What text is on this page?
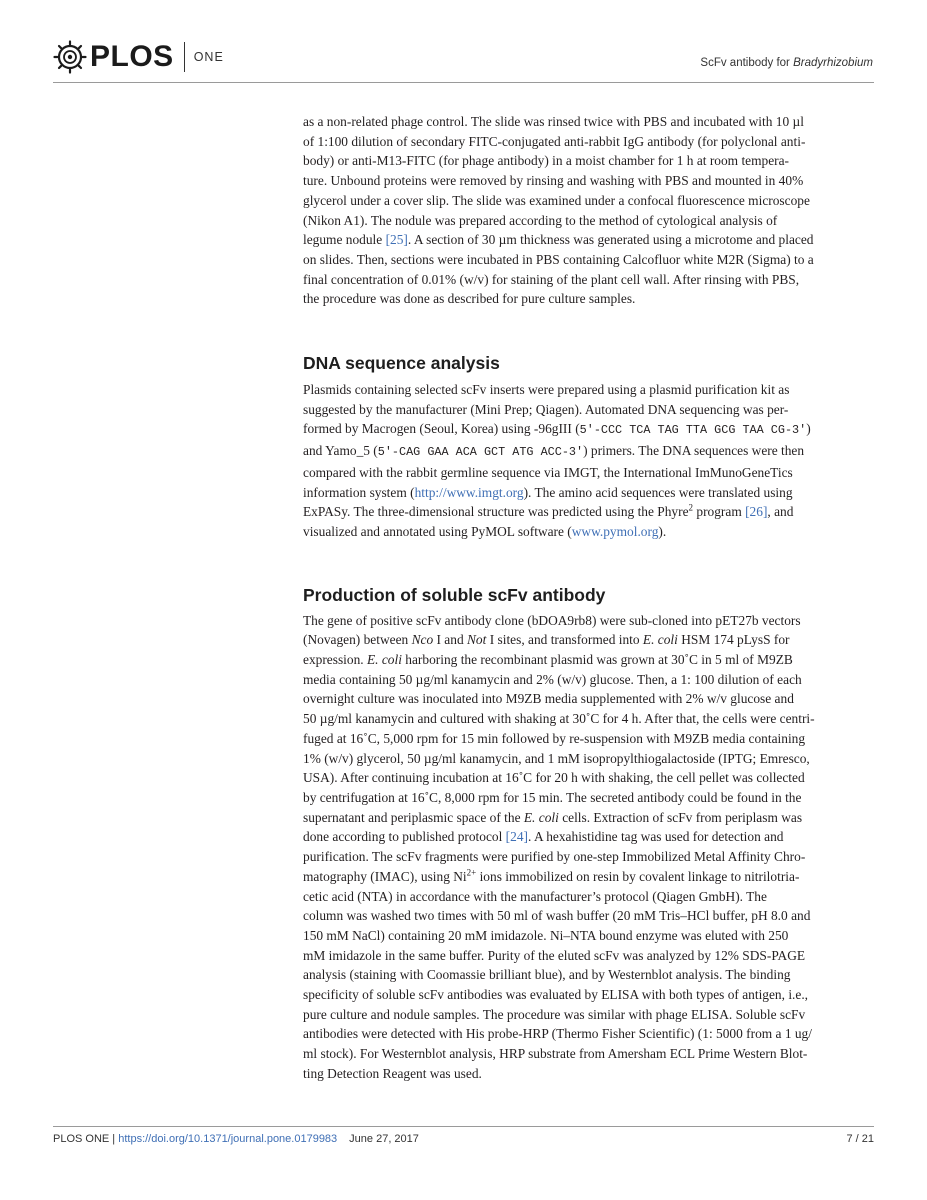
PLOS ONE	ScFv antibody for Bradyrhizobium
as a non-related phage control. The slide was rinsed twice with PBS and incubated with 10 µl
of 1:100 dilution of secondary FITC-conjugated anti-rabbit IgG antibody (for polyclonal anti-
body) or anti-M13-FITC (for phage antibody) in a moist chamber for 1 h at room tempera-
ture. Unbound proteins were removed by rinsing and washing with PBS and mounted in 40%
glycerol under a cover slip. The slide was examined under a confocal fluorescence microscope
(Nikon A1). The nodule was prepared according to the method of cytological analysis of
legume nodule [25]. A section of 30 µm thickness was generated using a microtome and placed
on slides. Then, sections were incubated in PBS containing Calcofluor white M2R (Sigma) to a
final concentration of 0.01% (w/v) for staining of the plant cell wall. After rinsing with PBS,
the procedure was done as described for pure culture samples.
DNA sequence analysis
Plasmids containing selected scFv inserts were prepared using a plasmid purification kit as
suggested by the manufacturer (Mini Prep; Qiagen). Automated DNA sequencing was per-
formed by Macrogen (Seoul, Korea) using -96gIII (5'-CCC TCA TAG TTA GCG TAA CG-3')
and Yamo_5 (5'-CAG GAA ACA GCT ATG ACC-3') primers. The DNA sequences were then
compared with the rabbit germline sequence via IMGT, the International ImMunoGeneTics
information system (http://www.imgt.org). The amino acid sequences were translated using
ExPASy. The three-dimensional structure was predicted using the Phyre$^2$ program [26], and
visualized and annotated using PyMOL software (www.pymol.org).
Production of soluble scFv antibody
The gene of positive scFv antibody clone (bDOA9rb8) were sub-cloned into pET27b vectors
(Novagen) between Nco I and Not I sites, and transformed into E. coli HSM 174 pLysS for
expression. E. coli harboring the recombinant plasmid was grown at 30˚C in 5 ml of M9ZB
media containing 50 µg/ml kanamycin and 2% (w/v) glucose. Then, a 1: 100 dilution of each
overnight culture was inoculated into M9ZB media supplemented with 2% w/v glucose and
50 µg/ml kanamycin and cultured with shaking at 30˚C for 4 h. After that, the cells were centri-
fuged at 16˚C, 5,000 rpm for 15 min followed by re-suspension with M9ZB media containing
1% (w/v) glycerol, 50 µg/ml kanamycin, and 1 mM isopropylthiogalactoside (IPTG; Emresco,
USA). After continuing incubation at 16˚C for 20 h with shaking, the cell pellet was collected
by centrifugation at 16˚C, 8,000 rpm for 15 min. The secreted antibody could be found in the
supernatant and periplasmic space of the E. coli cells. Extraction of scFv from periplasm was
done according to published protocol [24]. A hexahistidine tag was used for detection and
purification. The scFv fragments were purified by one-step Immobilized Metal Affinity Chro-
matography (IMAC), using $Ni^{2+}$ ions immobilized on resin by covalent linkage to nitrilotria-
cetic acid (NTA) in accordance with the manufacturer’s protocol (Qiagen GmbH). The
column was washed two times with 50 ml of wash buffer (20 mM Tris–HCl buffer, pH 8.0 and
150 mM NaCl) containing 20 mM imidazole. Ni–NTA bound enzyme was eluted with 250
mM imidazole in the same buffer. Purity of the eluted scFv was analyzed by 12% SDS-PAGE
analysis (staining with Coomassie brilliant blue), and by Westernblot analysis. The binding
specificity of soluble scFv antibodies was evaluated by ELISA with both types of antigen, i.e.,
pure culture and nodule samples. The procedure was similar with phage ELISA. Soluble scFv
antibodies were detected with His probe-HRP (Thermo Fisher Scientific) (1: 5000 from a 1 ug/
ml stock). For Westernblot analysis, HRP substrate from Amersham ECL Prime Western Blot-
ting Detection Reagent was used.
PLOS ONE | https://doi.org/10.1371/journal.pone.0179983 June 27, 2017	7 / 21
